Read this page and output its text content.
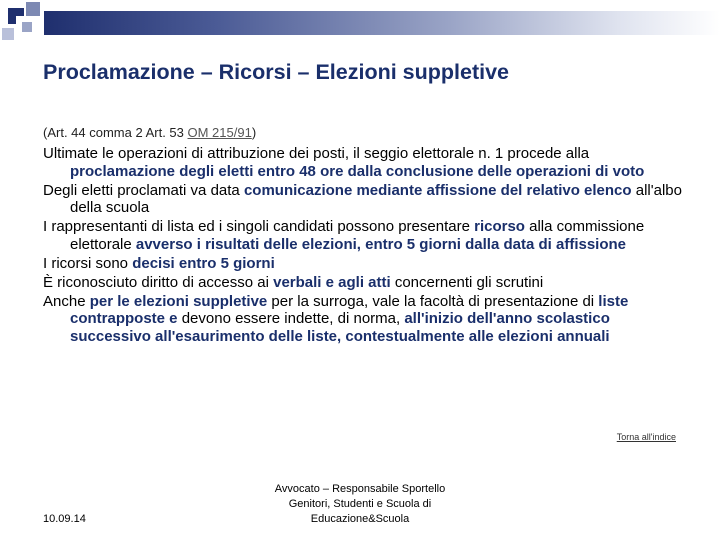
Proclamazione – Ricorsi – Elezioni suppletive
(Art. 44 comma 2 Art. 53 OM 215/91)

Ultimate le operazioni di attribuzione dei posti, il seggio elettorale n. 1 procede alla proclamazione degli eletti entro 48 ore dalla conclusione delle operazioni di voto

Degli eletti proclamati va data comunicazione mediante affissione del relativo elenco all'albo della scuola

I rappresentanti di lista ed i singoli candidati possono presentare ricorso alla commissione elettorale avverso i risultati delle elezioni, entro 5 giorni dalla data di affissione

I ricorsi sono decisi entro 5 giorni

È riconosciuto diritto di accesso ai verbali e agli atti concernenti gli scrutini

Anche per le elezioni suppletive per la surroga, vale la facoltà di presentazione di liste contrapposte e devono essere indette, di norma, all'inizio dell'anno scolastico successivo all'esaurimento delle liste, contestualmente alle elezioni annuali

Torna all'indice
10.09.14
Avvocato – Responsabile Sportello
Genitori, Studenti e Scuola di
Educazione&Scuola
